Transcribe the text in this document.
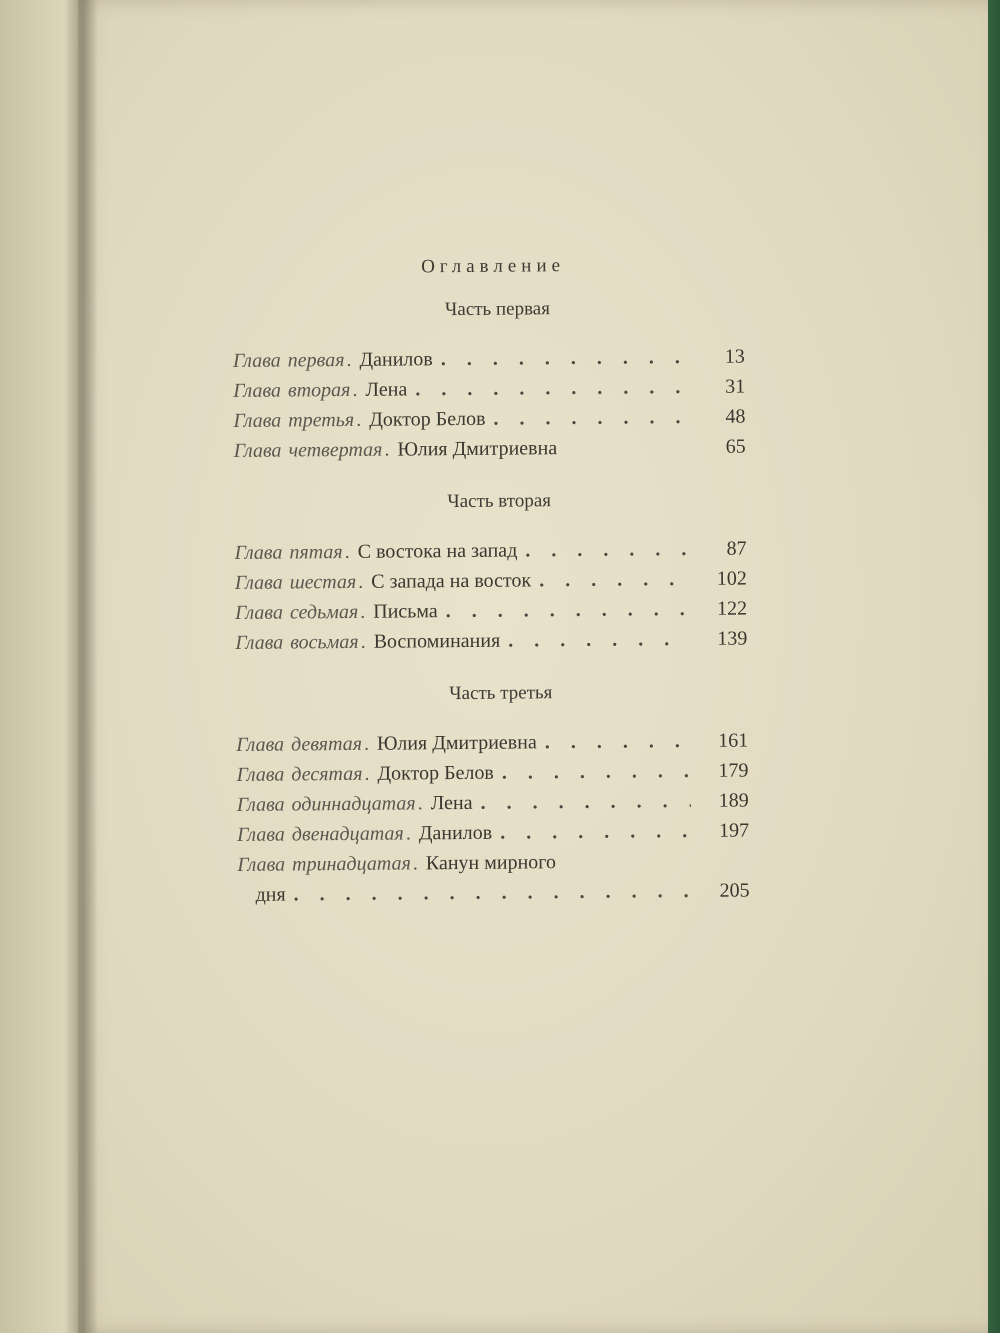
Оглавление
Часть первая
Глава первая . Данилов . . .	13
Глава вторая . Лена . . .	31
Глава третья . Доктор Белов . . .	48
Глава четвертая . Юлия Дмитриевна	65
Часть вторая
Глава пятая . С востока на запад . . .	87
Глава шестая . С запада на восток . . .	102
Глава седьмая . Письма . . .	122
Глава восьмая . Воспоминания . . .	139
Часть третья
Глава девятая . Юлия Дмитриевна . . .	161
Глава десятая . Доктор Белов . . .	179
Глава одиннадцатая . Лена . . .	189
Глава двенадцатая . Данилов . . .	197
Глава тринадцатая . Канун мирного
дня . . .	205
